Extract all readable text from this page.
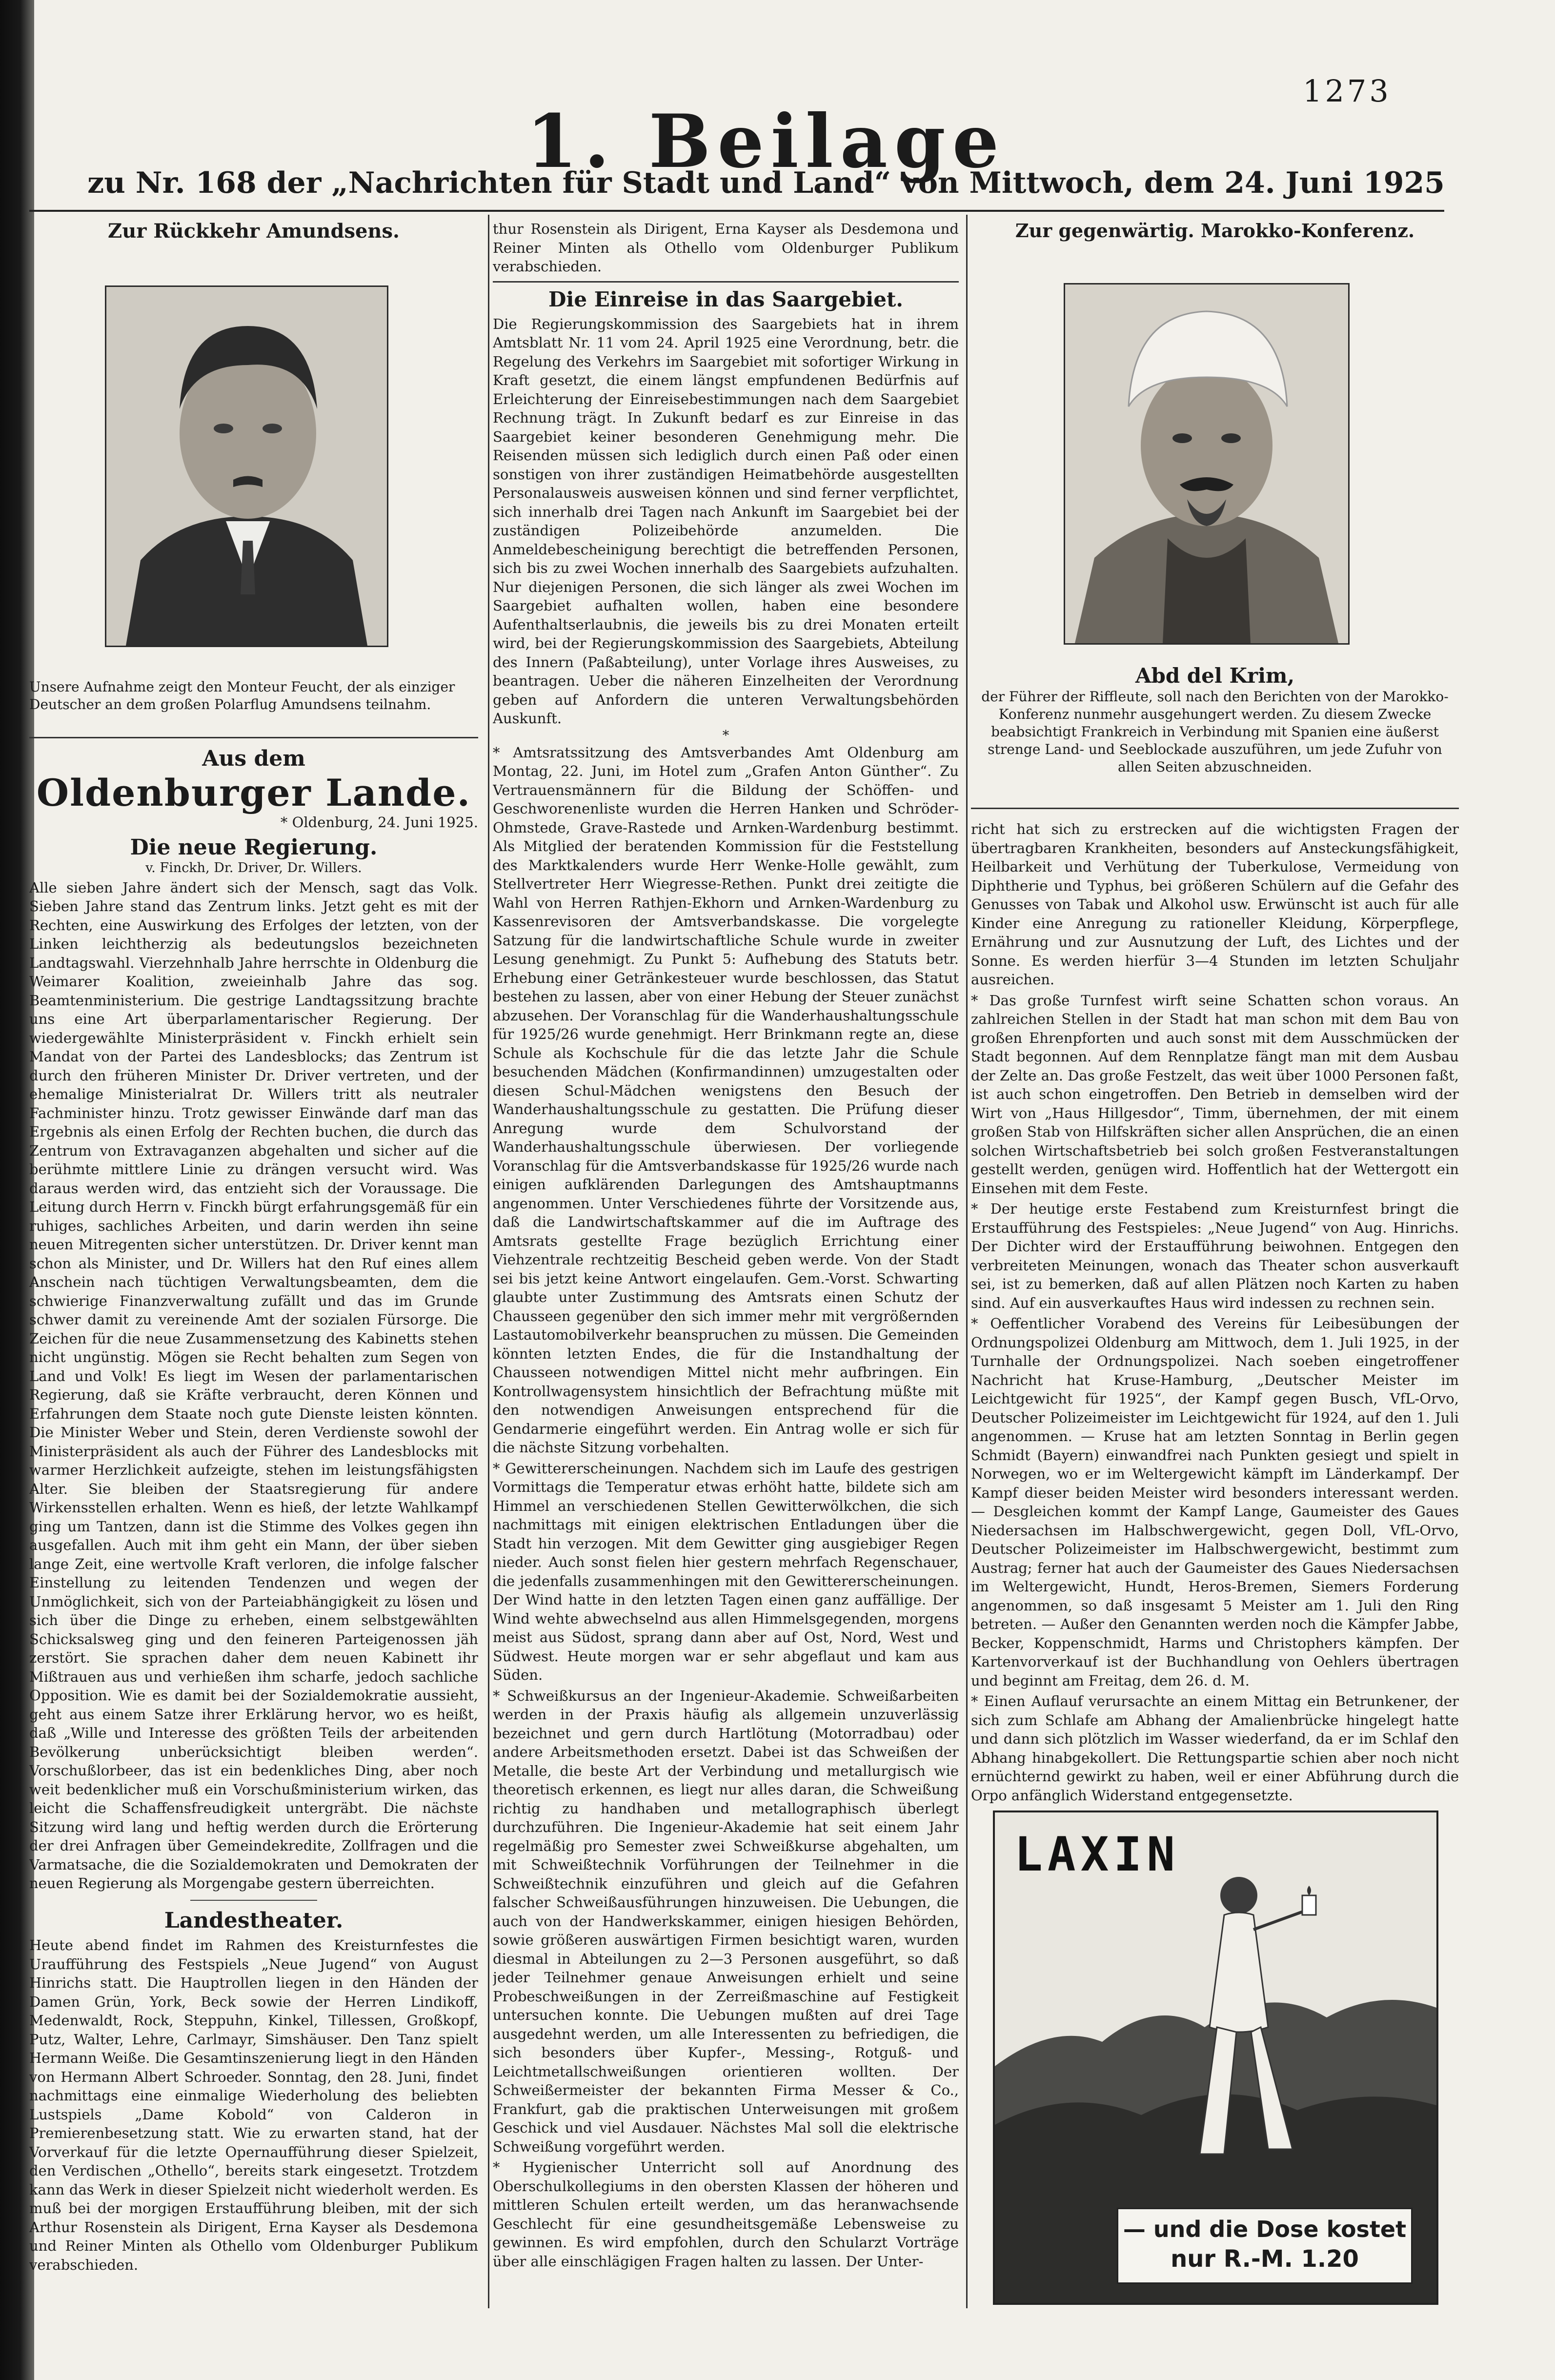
1273
1. Beilage
zu Nr. 168 der „Nachrichten für Stadt und Land“ von Mittwoch, dem 24. Juni 1925

Zur Rückkehr Amundsens.

Unsere Aufnahme zeigt den Monteur Feucht, der als einziger Deutscher an dem großen Polarflug Amundsens teilnahm.

Aus dem

Oldenburger Lande.

* Oldenburg, 24. Juni 1925.

Die neue Regierung.

v. Finckh, Dr. Driver, Dr. Willers.

Alle sieben Jahre ändert sich der Mensch, sagt das Volk. Sieben Jahre stand das Zentrum links. Jetzt geht es mit der Rechten, eine Auswirkung des Erfolges der letzten, von der Linken leichtherzig als bedeutungslos bezeichneten Landtagswahl. Vierzehnhalb Jahre herrschte in Oldenburg die Weimarer Koalition, zweieinhalb Jahre das sog. Beamtenministerium. Die gestrige Landtagssitzung brachte uns eine Art überparlamentarischer Regierung. Der wiedergewählte Ministerpräsident v. Finckh erhielt sein Mandat von der Partei des Landesblocks; das Zentrum ist durch den früheren Minister Dr. Driver vertreten, und der ehemalige Ministerialrat Dr. Willers tritt als neutraler Fachminister hinzu. Trotz gewisser Einwände darf man das Ergebnis als einen Erfolg der Rechten buchen, die durch das Zentrum von Extravaganzen abgehalten und sicher auf die berühmte mittlere Linie zu drängen versucht wird. Was daraus werden wird, das entzieht sich der Voraussage. Die Leitung durch Herrn v. Finckh bürgt erfahrungsgemäß für ein ruhiges, sachliches Arbeiten, und darin werden ihn seine neuen Mitregenten sicher unterstützen. Dr. Driver kennt man schon als Minister, und Dr. Willers hat den Ruf eines allem Anschein nach tüchtigen Verwaltungsbeamten, dem die schwierige Finanzverwaltung zufällt und das im Grunde schwer damit zu vereinende Amt der sozialen Fürsorge. Die Zeichen für die neue Zusammensetzung des Kabinetts stehen nicht ungünstig. Mögen sie Recht behalten zum Segen von Land und Volk! Es liegt im Wesen der parlamentarischen Regierung, daß sie Kräfte verbraucht, deren Können und Erfahrungen dem Staate noch gute Dienste leisten könnten. Die Minister Weber und Stein, deren Verdienste sowohl der Ministerpräsident als auch der Führer des Landesblocks mit warmer Herzlichkeit aufzeigte, stehen im leistungsfähigsten Alter. Sie bleiben der Staatsregierung für andere Wirkensstellen erhalten. Wenn es hieß, der letzte Wahlkampf ging um Tantzen, dann ist die Stimme des Volkes gegen ihn ausgefallen. Auch mit ihm geht ein Mann, der über sieben lange Zeit, eine wertvolle Kraft verloren, die infolge falscher Einstellung zu leitenden Tendenzen und wegen der Unmöglichkeit, sich von der Parteiabhängigkeit zu lösen und sich über die Dinge zu erheben, einem selbstgewählten Schicksalsweg ging und den feineren Parteigenossen jäh zerstört. Sie sprachen daher dem neuen Kabinett ihr Mißtrauen aus und verhießen ihm scharfe, jedoch sachliche Opposition. Wie es damit bei der Sozialdemokratie aussieht, geht aus einem Satze ihrer Erklärung hervor, wo es heißt, daß „Wille und Interesse des größten Teils der arbeitenden Bevölkerung unberücksichtigt bleiben werden“. Vorschußlorbeer, das ist ein bedenkliches Ding, aber noch weit bedenklicher muß ein Vorschußministerium wirken, das leicht die Schaffensfreudigkeit untergräbt. Die nächste Sitzung wird lang und heftig werden durch die Erörterung der drei Anfragen über Gemeindekredite, Zollfragen und die Varmatsache, die die Sozialdemokraten und Demokraten der neuen Regierung als Morgengabe gestern überreichten.

Landestheater.

Heute abend findet im Rahmen des Kreisturnfestes die Uraufführung des Festspiels „Neue Jugend“ von August Hinrichs statt. Die Hauptrollen liegen in den Händen der Damen Grün, York, Beck sowie der Herren Lindikoff, Medenwaldt, Rock, Steppuhn, Kinkel, Tillessen, Großkopf, Putz, Walter, Lehre, Carlmayr, Simshäuser. Den Tanz spielt Hermann Weiße. Die Gesamtinszenierung liegt in den Händen von Hermann Albert Schroeder. Sonntag, den 28. Juni, findet nachmittags eine einmalige Wiederholung des beliebten Lustspiels „Dame Kobold“ von Calderon in Premierenbesetzung statt. Wie zu erwarten stand, hat der Vorverkauf für die letzte Opernaufführung dieser Spielzeit, den Verdischen „Othello“, bereits stark eingesetzt. Trotzdem kann das Werk in dieser Spielzeit nicht wiederholt werden. Es muß bei der morgigen Erstaufführung bleiben, mit der sich Arthur Rosenstein als Dirigent, Erna Kayser als Desdemona und Reiner Minten als Othello vom Oldenburger Publikum verabschieden.

thur Rosenstein als Dirigent, Erna Kayser als Desdemona und Reiner Minten als Othello vom Oldenburger Publikum verabschieden.

Die Einreise in das Saargebiet.

Die Regierungskommission des Saargebiets hat in ihrem Amtsblatt Nr. 11 vom 24. April 1925 eine Verordnung, betr. die Regelung des Verkehrs im Saargebiet mit sofortiger Wirkung in Kraft gesetzt, die einem längst empfundenen Bedürfnis auf Erleichterung der Einreisebestimmungen nach dem Saargebiet Rechnung trägt. In Zukunft bedarf es zur Einreise in das Saargebiet keiner besonderen Genehmigung mehr. Die Reisenden müssen sich lediglich durch einen Paß oder einen sonstigen von ihrer zuständigen Heimatbehörde ausgestellten Personalausweis ausweisen können und sind ferner verpflichtet, sich innerhalb drei Tagen nach Ankunft im Saargebiet bei der zuständigen Polizeibehörde anzumelden. Die Anmeldebescheinigung berechtigt die betreffenden Personen, sich bis zu zwei Wochen innerhalb des Saargebiets aufzuhalten. Nur diejenigen Personen, die sich länger als zwei Wochen im Saargebiet aufhalten wollen, haben eine besondere Aufenthaltserlaubnis, die jeweils bis zu drei Monaten erteilt wird, bei der Regierungskommission des Saargebiets, Abteilung des Innern (Paßabteilung), unter Vorlage ihres Ausweises, zu beantragen. Ueber die näheren Einzelheiten der Verordnung geben auf Anfordern die unteren Verwaltungsbehörden Auskunft.

*

* Amtsratssitzung des Amtsverbandes Amt Oldenburg am Montag, 22. Juni, im Hotel zum „Grafen Anton Günther“. Zu Vertrauensmännern für die Bildung der Schöffen- und Geschworenenliste wurden die Herren Hanken und Schröder-Ohmstede, Grave-Rastede und Arnken-Wardenburg bestimmt. Als Mitglied der beratenden Kommission für die Feststellung des Marktkalenders wurde Herr Wenke-Holle gewählt, zum Stellvertreter Herr Wiegresse-Rethen. Punkt drei zeitigte die Wahl von Herren Rathjen-Ekhorn und Arnken-Wardenburg zu Kassenrevisoren der Amtsverbandskasse. Die vorgelegte Satzung für die landwirtschaftliche Schule wurde in zweiter Lesung genehmigt. Zu Punkt 5: Aufhebung des Statuts betr. Erhebung einer Getränkesteuer wurde beschlossen, das Statut bestehen zu lassen, aber von einer Hebung der Steuer zunächst abzusehen. Der Voranschlag für die Wanderhaushaltungsschule für 1925/26 wurde genehmigt. Herr Brinkmann regte an, diese Schule als Kochschule für die das letzte Jahr die Schule besuchenden Mädchen (Konfirmandinnen) umzugestalten oder diesen Schul-Mädchen wenigstens den Besuch der Wanderhaushaltungsschule zu gestatten. Die Prüfung dieser Anregung wurde dem Schulvorstand der Wanderhaushaltungsschule überwiesen. Der vorliegende Voranschlag für die Amtsverbandskasse für 1925/26 wurde nach einigen aufklärenden Darlegungen des Amtshauptmanns angenommen. Unter Verschiedenes führte der Vorsitzende aus, daß die Landwirtschaftskammer auf die im Auftrage des Amtsrats gestellte Frage bezüglich Errichtung einer Viehzentrale rechtzeitig Bescheid geben werde. Von der Stadt sei bis jetzt keine Antwort eingelaufen. Gem.-Vorst. Schwarting glaubte unter Zustimmung des Amtsrats einen Schutz der Chausseen gegenüber den sich immer mehr mit vergrößernden Lastautomobilverkehr beanspruchen zu müssen. Die Gemeinden könnten letzten Endes, die für die Instandhaltung der Chausseen notwendigen Mittel nicht mehr aufbringen. Ein Kontrollwagensystem hinsichtlich der Befrachtung müßte mit den notwendigen Anweisungen entsprechend für die Gendarmerie eingeführt werden. Ein Antrag wolle er sich für die nächste Sitzung vorbehalten.

* Gewittererscheinungen. Nachdem sich im Laufe des gestrigen Vormittags die Temperatur etwas erhöht hatte, bildete sich am Himmel an verschiedenen Stellen Gewitterwölkchen, die sich nachmittags mit einigen elektrischen Entladungen über die Stadt hin verzogen. Mit dem Gewitter ging ausgiebiger Regen nieder. Auch sonst fielen hier gestern mehrfach Regenschauer, die jedenfalls zusammenhingen mit den Gewittererscheinungen. Der Wind hatte in den letzten Tagen einen ganz auffällige. Der Wind wehte abwechselnd aus allen Himmelsgegenden, morgens meist aus Südost, sprang dann aber auf Ost, Nord, West und Südwest. Heute morgen war er sehr abgeflaut und kam aus Süden.

* Schweißkursus an der Ingenieur-Akademie. Schweißarbeiten werden in der Praxis häufig als allgemein unzuverlässig bezeichnet und gern durch Hartlötung (Motorradbau) oder andere Arbeitsmethoden ersetzt. Dabei ist das Schweißen der Metalle, die beste Art der Verbindung und metallurgisch wie theoretisch erkennen, es liegt nur alles daran, die Schweißung richtig zu handhaben und metallographisch überlegt durchzuführen. Die Ingenieur-Akademie hat seit einem Jahr regelmäßig pro Semester zwei Schweißkurse abgehalten, um mit Schweißtechnik Vorführungen der Teilnehmer in die Schweißtechnik einzuführen und gleich auf die Gefahren falscher Schweißausführungen hinzuweisen. Die Uebungen, die auch von der Handwerkskammer, einigen hiesigen Behörden, sowie größeren auswärtigen Firmen besichtigt waren, wurden diesmal in Abteilungen zu 2—3 Personen ausgeführt, so daß jeder Teilnehmer genaue Anweisungen erhielt und seine Probeschweißungen in der Zerreißmaschine auf Festigkeit untersuchen konnte. Die Uebungen mußten auf drei Tage ausgedehnt werden, um alle Interessenten zu befriedigen, die sich besonders über Kupfer-, Messing-, Rotguß- und Leichtmetallschweißungen orientieren wollten. Der Schweißermeister der bekannten Firma Messer & Co., Frankfurt, gab die praktischen Unterweisungen mit großem Geschick und viel Ausdauer. Nächstes Mal soll die elektrische Schweißung vorgeführt werden.

* Hygienischer Unterricht soll auf Anordnung des Oberschulkollegiums in den obersten Klassen der höheren und mittleren Schulen erteilt werden, um das heranwachsende Geschlecht für eine gesundheitsgemäße Lebensweise zu gewinnen. Es wird empfohlen, durch den Schularzt Vorträge über alle einschlägigen Fragen halten zu lassen. Der Unter-

Zur gegenwärtig. Marokko-Konferenz.

Abd del Krim,

der Führer der Riffleute, soll nach den Berichten von der Marokko-Konferenz nunmehr ausgehungert werden. Zu diesem Zwecke beabsichtigt Frankreich in Verbindung mit Spanien eine äußerst strenge Land- und Seeblockade auszuführen, um jede Zufuhr von allen Seiten abzuschneiden.

richt hat sich zu erstrecken auf die wichtigsten Fragen der übertragbaren Krankheiten, besonders auf Ansteckungsfähigkeit, Heilbarkeit und Verhütung der Tuberkulose, Vermeidung von Diphtherie und Typhus, bei größeren Schülern auf die Gefahr des Genusses von Tabak und Alkohol usw. Erwünscht ist auch für alle Kinder eine Anregung zu rationeller Kleidung, Körperpflege, Ernährung und zur Ausnutzung der Luft, des Lichtes und der Sonne. Es werden hierfür 3—4 Stunden im letzten Schuljahr ausreichen.

* Das große Turnfest wirft seine Schatten schon voraus. An zahlreichen Stellen in der Stadt hat man schon mit dem Bau von großen Ehrenpforten und auch sonst mit dem Ausschmücken der Stadt begonnen. Auf dem Rennplatze fängt man mit dem Ausbau der Zelte an. Das große Festzelt, das weit über 1000 Personen faßt, ist auch schon eingetroffen. Den Betrieb in demselben wird der Wirt von „Haus Hillgesdor“, Timm, übernehmen, der mit einem großen Stab von Hilfskräften sicher allen Ansprüchen, die an einen solchen Wirtschaftsbetrieb bei solch großen Festveranstaltungen gestellt werden, genügen wird. Hoffentlich hat der Wettergott ein Einsehen mit dem Feste.

* Der heutige erste Festabend zum Kreisturnfest bringt die Erstaufführung des Festspieles: „Neue Jugend“ von Aug. Hinrichs. Der Dichter wird der Erstaufführung beiwohnen. Entgegen den verbreiteten Meinungen, wonach das Theater schon ausverkauft sei, ist zu bemerken, daß auf allen Plätzen noch Karten zu haben sind. Auf ein ausverkauftes Haus wird indessen zu rechnen sein.

* Oeffentlicher Vorabend des Vereins für Leibesübungen der Ordnungspolizei Oldenburg am Mittwoch, dem 1. Juli 1925, in der Turnhalle der Ordnungspolizei. Nach soeben eingetroffener Nachricht hat Kruse-Hamburg, „Deutscher Meister im Leichtgewicht für 1925“, der Kampf gegen Busch, VfL-Orvo, Deutscher Polizeimeister im Leichtgewicht für 1924, auf den 1. Juli angenommen. — Kruse hat am letzten Sonntag in Berlin gegen Schmidt (Bayern) einwandfrei nach Punkten gesiegt und spielt in Norwegen, wo er im Weltergewicht kämpft im Länderkampf. Der Kampf dieser beiden Meister wird besonders interessant werden. — Desgleichen kommt der Kampf Lange, Gaumeister des Gaues Niedersachsen im Halbschwergewicht, gegen Doll, VfL-Orvo, Deutscher Polizeimeister im Halbschwergewicht, bestimmt zum Austrag; ferner hat auch der Gaumeister des Gaues Niedersachsen im Weltergewicht, Hundt, Heros-Bremen, Siemers Forderung angenommen, so daß insgesamt 5 Meister am 1. Juli den Ring betreten. — Außer den Genannten werden noch die Kämpfer Jabbe, Becker, Koppenschmidt, Harms und Christophers kämpfen. Der Kartenvorverkauf ist der Buchhandlung von Oehlers übertragen und beginnt am Freitag, dem 26. d. M.

* Einen Auflauf verursachte an einem Mittag ein Betrunkener, der sich zum Schlafe am Abhang der Amalienbrücke hingelegt hatte und dann sich plötzlich im Wasser wiederfand, da er im Schlaf den Abhang hinabgekollert. Die Rettungspartie schien aber noch nicht ernüchternd gewirkt zu haben, weil er einer Abführung durch die Orpo anfänglich Widerstand entgegensetzte.

LAXIN
— und die Dose kostet
nur R.-M. 1.20
